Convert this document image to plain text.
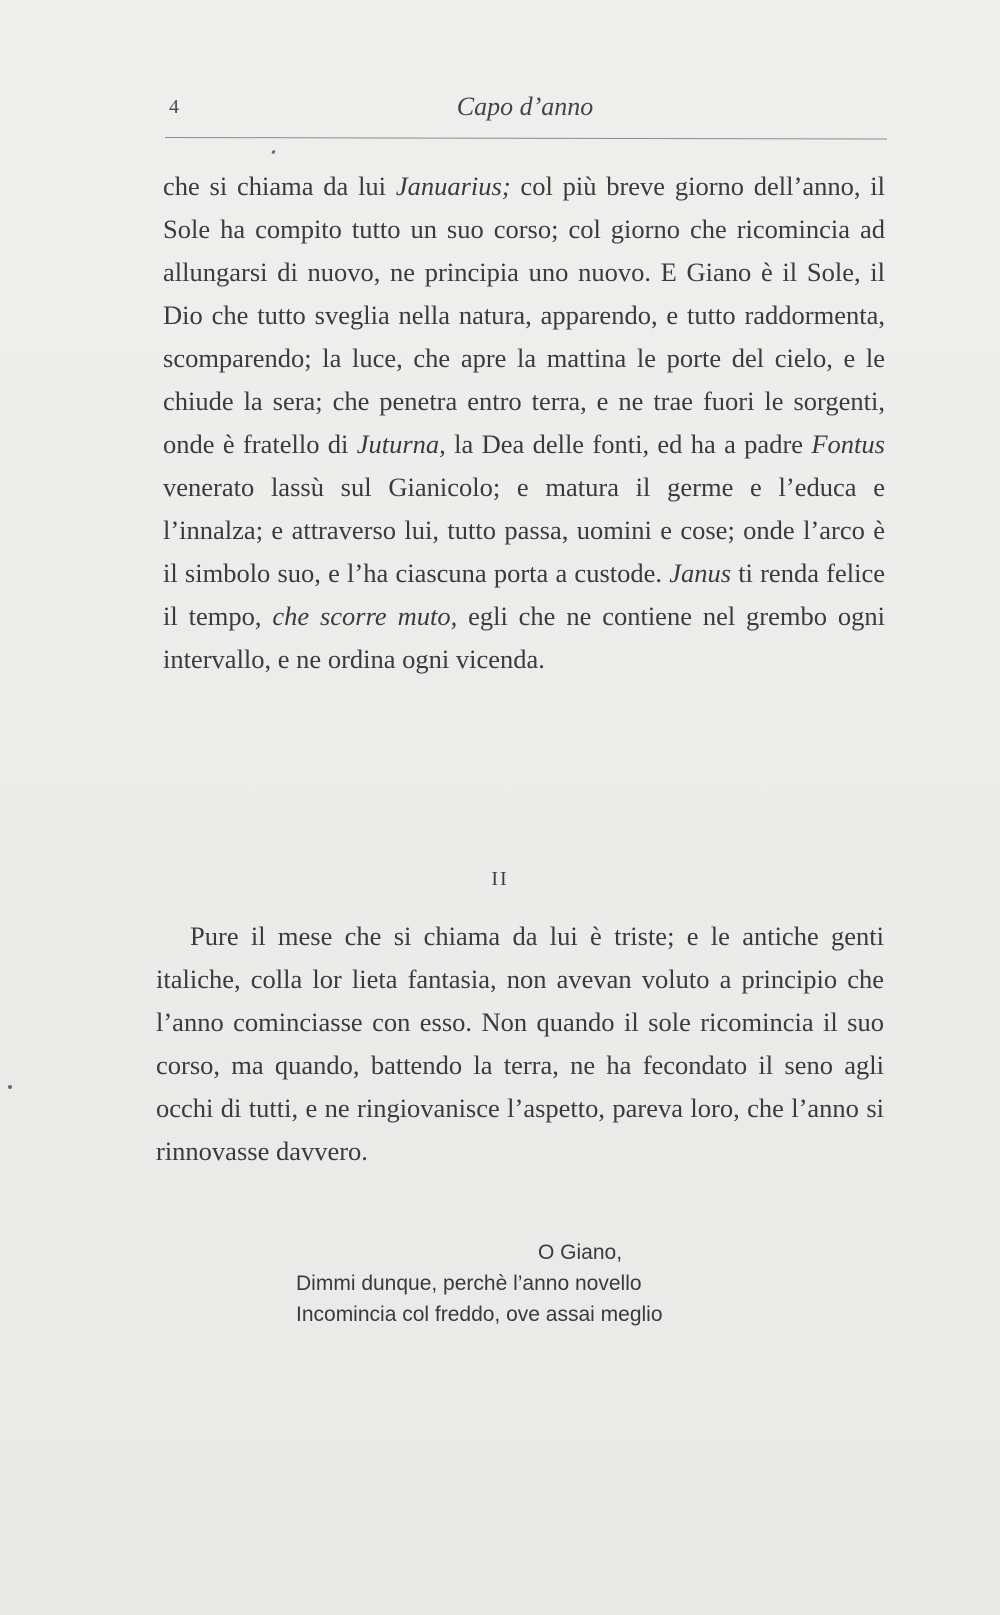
4	Capo d’anno
che si chiama da lui Januarius; col più breve giorno dell’anno, il Sole ha compito tutto un suo corso; col giorno che ricomincia ad allungarsi di nuovo, ne principia uno nuovo. E Giano è il Sole, il Dio che tutto sveglia nella natura, apparendo, e tutto raddormenta, scomparendo; la luce, che apre la mattina le porte del cielo, e le chiude la sera; che penetra entro terra, e ne trae fuori le sorgenti, onde è fratello di Juturna, la Dea delle fonti, ed ha a padre Fontus venerato lassù sul Gianicolo; e matura il germe e l’educa e l’innalza; e attraverso lui, tutto passa, uomini e cose; onde l’arco è il simbolo suo, e l’ha ciascuna porta a custode. Janus ti renda felice il tempo, che scorre muto, egli che ne contiene nel grembo ogni intervallo, e ne ordina ogni vicenda.
II
Pure il mese che si chiama da lui è triste; e le antiche genti italiche, colla lor lieta fantasia, non avevan voluto a principio che l’anno cominciasse con esso. Non quando il sole ricomincia il suo corso, ma quando, battendo la terra, ne ha fecondato il seno agli occhi di tutti, e ne ringiovanisce l’aspetto, pareva loro, che l’anno si rinnovasse davvero.
O Giano,
Dimmi dunque, perchè l’anno novello
Incomincia col freddo, ove assai meglio
